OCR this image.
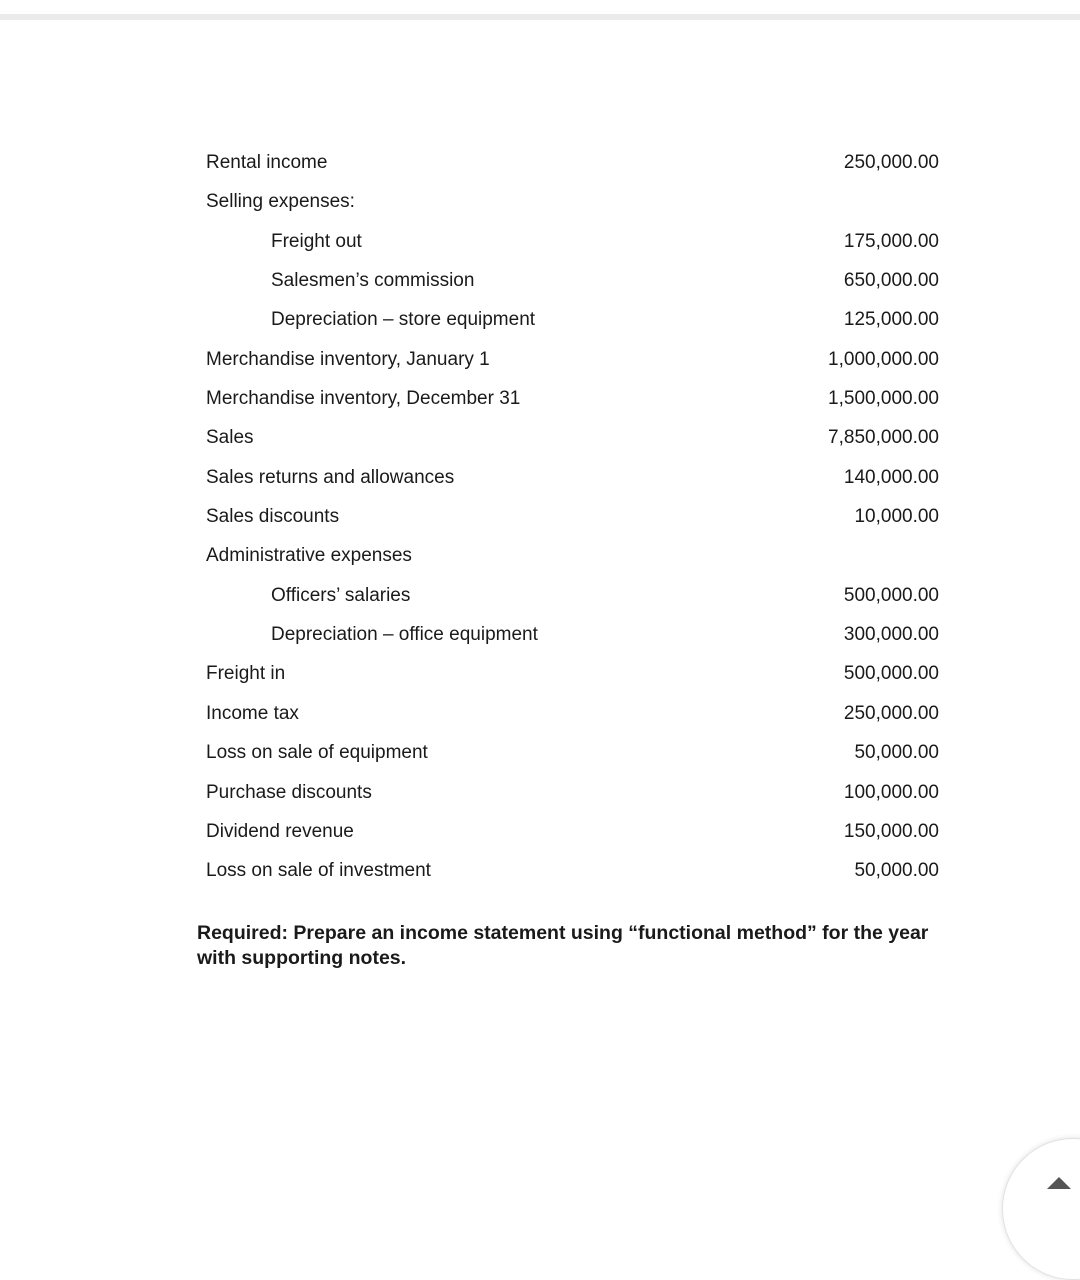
Rental income	250,000.00
Selling expenses:
Freight out	175,000.00
Salesmen’s commission	650,000.00
Depreciation – store equipment	125,000.00
Merchandise inventory, January 1	1,000,000.00
Merchandise inventory, December 31	1,500,000.00
Sales	7,850,000.00
Sales returns and allowances	140,000.00
Sales discounts	10,000.00
Administrative expenses
Officers’ salaries	500,000.00
Depreciation – office equipment	300,000.00
Freight in	500,000.00
Income tax	250,000.00
Loss on sale of equipment	50,000.00
Purchase discounts	100,000.00
Dividend revenue	150,000.00
Loss on sale of investment	50,000.00
Required: Prepare an income statement using “functional method” for the year with supporting notes.
